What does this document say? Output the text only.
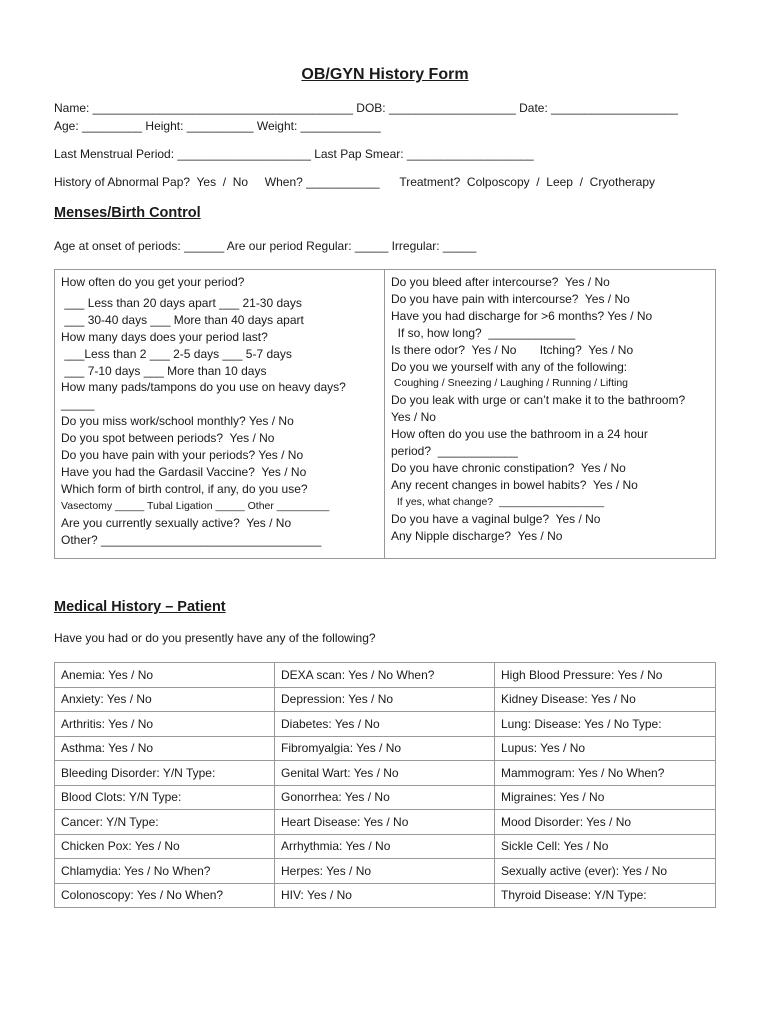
OB/GYN History Form
Name: _______________________________________ DOB: ___________________ Date: ___________________
Age: _________ Height: __________ Weight: ____________
Last Menstrual Period: ____________________ Last Pap Smear: ___________________
History of Abnormal Pap?  Yes  /  No     When? ___________      Treatment?  Colposcopy  /  Leep  /  Cryotherapy
Menses/Birth Control
Age at onset of periods: ______ Are our period Regular: _____ Irregular: _____
How often do you get your period?
___ Less than 20 days apart ___ 21-30 days
___ 30-40 days ___ More than 40 days apart
How many days does your period last?
___Less than 2 ___ 2-5 days ___ 5-7 days
___ 7-10 days ___ More than 10 days
How many pads/tampons do you use on heavy days?
_____
Do you miss work/school monthly? Yes / No
Do you spot between periods?  Yes / No
Do you have pain with your periods? Yes / No
Have you had the Gardasil Vaccine?  Yes / No
Which form of birth control, if any, do you use?
Vasectomy _____ Tubal Ligation _____ Other _________
Are you currently sexually active?  Yes / No
Other? _________________________________
Do you bleed after intercourse?  Yes / No
Do you have pain with intercourse?  Yes / No
Have you had discharge for >6 months? Yes / No
If so, how long?  _____________
Is there odor?  Yes / No       Itching?  Yes / No
Do you we yourself with any of the following:
Coughing / Sneezing / Laughing / Running / Lifting
Do you leak with urge or can’t make it to the bathroom?
Yes / No
How often do you use the bathroom in a 24 hour
period?  ____________
Do you have chronic constipation?  Yes / No
Any recent changes in bowel habits?  Yes / No
If yes, what change?  __________________
Do you have a vaginal bulge?  Yes / No
Any Nipple discharge?  Yes / No
Medical History – Patient
Have you had or do you presently have any of the following?
Anemia: Yes / No	DEXA scan: Yes / No When?	High Blood Pressure: Yes / No
Anxiety: Yes / No	Depression: Yes / No	Kidney Disease: Yes / No
Arthritis: Yes / No	Diabetes: Yes / No	Lung: Disease: Yes / No Type:
Asthma: Yes / No	Fibromyalgia: Yes / No	Lupus: Yes / No
Bleeding Disorder: Y/N Type:	Genital Wart: Yes / No	Mammogram: Yes / No When?
Blood Clots: Y/N Type:	Gonorrhea: Yes / No	Migraines: Yes / No
Cancer: Y/N Type:	Heart Disease: Yes / No	Mood Disorder: Yes / No
Chicken Pox: Yes / No	Arrhythmia: Yes / No	Sickle Cell: Yes / No
Chlamydia: Yes / No When?	Herpes: Yes / No	Sexually active (ever): Yes / No
Colonoscopy: Yes / No When?	HIV: Yes / No	Thyroid Disease: Y/N Type:
